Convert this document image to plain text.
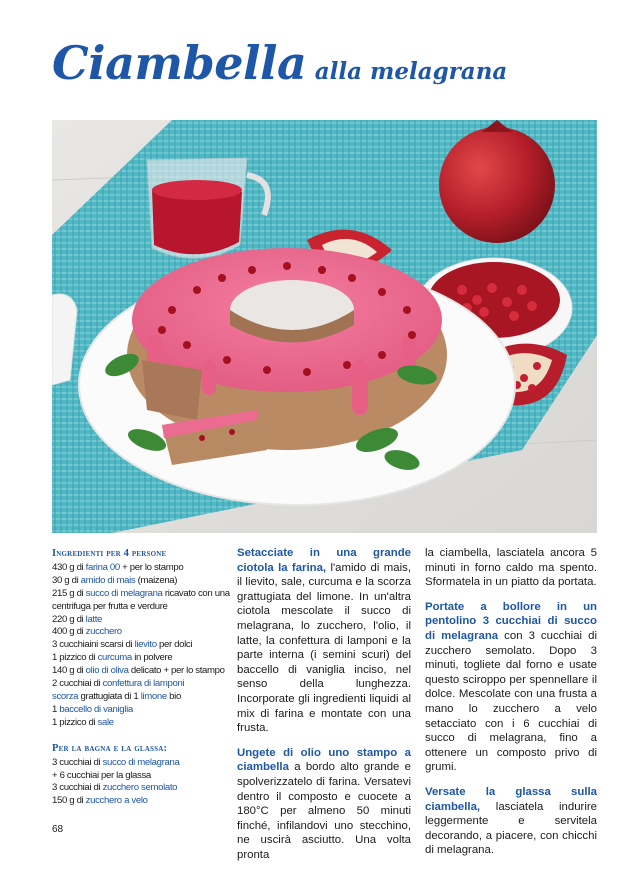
Ciambella alla melagrana
Ingredienti per 4 persone
430 g di farina 00 + per lo stampo
30 g di amido di mais (maizena)
215 g di succo di melagrana ricavato con una
centrifuga per frutta e verdure
220 g di latte
400 g di zucchero
3 cucchiaini scarsi di lievito per dolci
1 pizzico di curcuma in polvere
140 g di olio di oliva delicato + per lo stampo
2 cucchiai di confettura di lamponi
scorza grattugiata di 1 limone bio
1 baccello di vaniglia
1 pizzico di sale
Per la bagna e la glassa:
3 cucchiai di succo di melagrana
+ 6 cucchiai per la glassa
3 cucchiai di zucchero semolato
150 g di zucchero a velo

Setacciate in una grande ciotola la farina, l'amido di mais, il lievito, sale, curcuma e la scorza grattugiata del limone. In un'altra ciotola mescolate il succo di melagrana, lo zucchero, l'olio, il latte, la confettura di lamponi e la parte interna (i semini scuri) del baccello di vaniglia inciso, nel senso della lunghezza. Incorporate gli ingredienti liquidi al mix di farina e montate con una frusta.

Ungete di olio uno stampo a ciambella a bordo alto grande e spolverizzatelo di farina. Versatevi dentro il composto e cuocete a 180°C per almeno 50 minuti finché, infilandovi uno stecchino, ne uscirà asciutto. Una volta pronta

la ciambella, lasciatela ancora 5 minuti in forno caldo ma spento. Sformatela in un piatto da portata.

Portate a bollore in un pentolino 3 cucchiai di succo di melagrana con 3 cucchiai di zucchero semolato. Dopo 3 minuti, togliete dal forno e usate questo sciroppo per spennellare il dolce. Mescolate con una frusta a mano lo zucchero a velo setacciato con i 6 cucchiai di succo di melagrana, fino a ottenere un composto privo di grumi.

Versate la glassa sulla ciambella, lasciatela indurire leggermente e servitela decorando, a piacere, con chicchi di melagrana.

68
